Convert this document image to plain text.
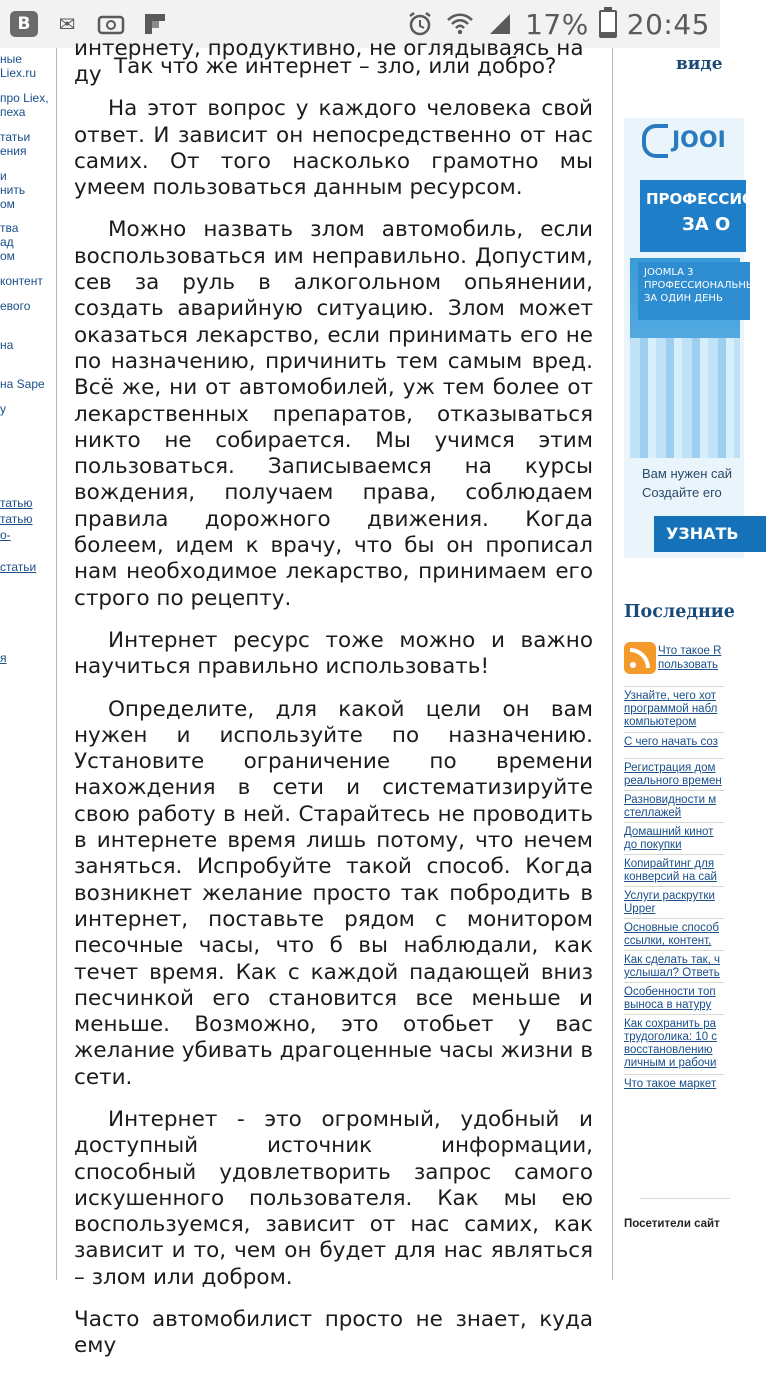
В	✉	17% 20:45
ные
Liex.ru
про Liex,
пеха
татьи
ения
и
нить
ом
тва
ад
ом
контент
евого
на
на Sape
у
татью
татью
о-
статьи
я
интернету, продуктивно, не оглядываясь на ду Так что же интернет – зло, или добро?

На этот вопрос у каждого человека свой ответ. И зависит он непосредственно от нас самих. От того насколько грамотно мы умеем пользоваться данным ресурсом.

Можно назвать злом автомобиль, если воспользоваться им неправильно. Допустим, сев за руль в алкогольном опьянении, создать аварийную ситуацию. Злом может оказаться лекарство, если принимать его не по назначению, причинить тем самым вред. Всё же, ни от автомобилей, уж тем более от лекарственных препаратов, отказываться никто не собирается. Мы учимся этим пользоваться. Записываемся на курсы вождения, получаем права, соблюдаем правила дорожного движения. Когда болеем, идем к врачу, что бы он прописал нам необходимое лекарство, принимаем его строго по рецепту.

Интернет ресурс тоже можно и важно научиться правильно использовать!

Определите, для какой цели он вам нужен и используйте по назначению. Установите ограничение по времени нахождения в сети и систематизируйте свою работу в ней. Старайтесь не проводить в интернете время лишь потому, что нечем заняться. Испробуйте такой способ. Когда возникнет желание просто так побродить в интернет, поставьте рядом с монитором песочные часы, что б вы наблюдали, как течет время. Как с каждой падающей вниз песчинкой его становится все меньше и меньше. Возможно, это отобьет у вас желание убивать драгоценные часы жизни в сети.

Интернет - это огромный, удобный и доступный источник информации, способный удовлетворить запрос самого искушенного пользователя. Как мы ею воспользуемся, зависит от нас самих, как зависит и то, чем он будет для нас являться – злом или добром.

Часто автомобилист просто не знает, куда ему

виде
JOOI
ПРОФЕССИО
ЗА О
JOOMLA 3
ПРОФЕССИОНАЛЬНЫЙ С
ЗА ОДИН ДЕНЬ
Вам нужен сай
Создайте его
УЗНАТЬ
Последние
Что такое R
пользовать
Узнайте, чего хот
программой набл
компьютером
С чего начать соз
Регистрация дом
реального времен
Разновидности м
стеллажей
Домашний кинот
до покупки
Копирайтинг для
конверсий на сай
Услуги раскрутки
Upper
Основные способ
ссылки, контент,
Как сделать так, ч
услышал? Ответь
Особенности топ
выноса в натуру
Как сохранить ра
трудоголика: 10 с
восстановлению
личным и рабочи
Что такое маркет
Посетители сайт
